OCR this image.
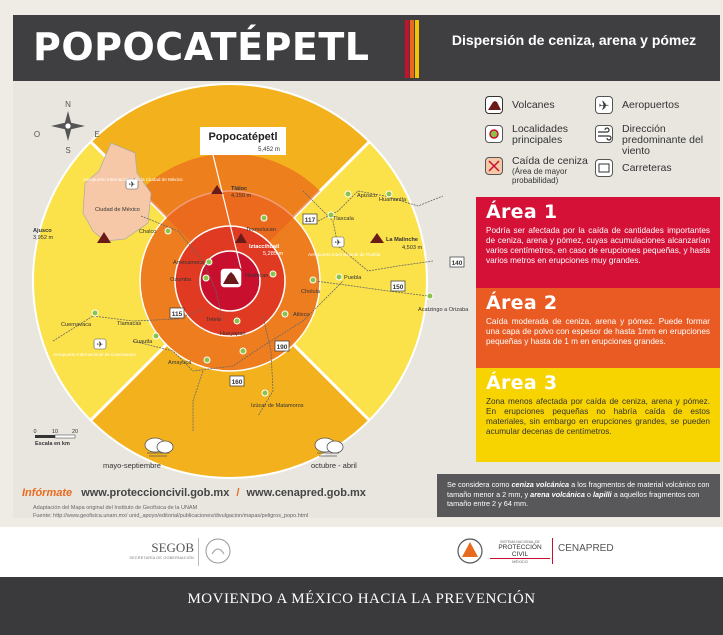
POPOCATÉPETL	Dispersión de ceniza, arena y pómez
N
S
E
O	Popocatépetl
5,452 m
Tláloc
4,150 m
Iztaccíhuatl
5,285 m
Ajusco
3,952 m	La Malinche
4,503 m
Chalco
Amecameca
Ozumba
Tlamacas
Tetela
Hueyapan
Amayuca
Cuautla
Cuernavaca
Texmelucan
Tlaxcala
Apizaco
Huamantla
Puebla
Cholula
Atlixco
Nealtican
Izúcar de Matamoros
Acatzingo a Orizaba
Ciudad de México
✈
Aeropuerto Internacional de la Ciudad de México
✈
Aeropuerto Internacional de Puebla
✈
Aeropuerto Internacional de Cuernavaca
117
115
190
160
150
140
0	10	20
Escala en km
mayo-septiembre	octubre - abril
Volcanes
Localidades principales
Caída de ceniza
(Área de mayor probabilidad)
✈ Aeropuertos
Dirección predominante del viento
Carreteras
Área 1

Podría ser afectada por la caída de cantidades importantes de ceniza, arena y pómez, cuyas acumulaciones alcanzarían varios centímetros, en caso de erupciones pequeñas, y hasta varios metros en erupciones muy grandes.

Área 2

Caída moderada de ceniza, arena y pómez. Puede formar una capa de polvo con espesor de hasta 1mm en erupciones pequeñas y hasta de 1 m en erupciones grandes.

Área 3

Zona menos afectada por caída de ceniza, arena y pómez. En erupciones pequeñas no habría caída de estos materiales, sin embargo en erupciones grandes, se pueden acumular decenas de centímetros.

Se considera como ceniza volcánica a los fragmentos de material volcánico con tamaño menor a 2 mm, y arena volcánica o lapilli a aquellos fragmentos con tamaño entre 2 y 64 mm.
Infórmate www.proteccioncivil.gob.mx / www.cenapred.gob.mx
Adaptación del Mapa original del Instituto de Geofísica de la UNAM
Fuente: http://www.geofisica.unam.mx/ unid_apoyo/editorial/publicaciones/divulgacion/mapas/peligros_popo.html
SEGOB
SECRETARÍA DE GOBERNACIÓN
SISTEMA NACIONAL DE
PROTECCIÓN CIVIL
MÉXICO
CENAPRED
MOVIENDO A MÉXICO HACIA LA PREVENCIÓN
